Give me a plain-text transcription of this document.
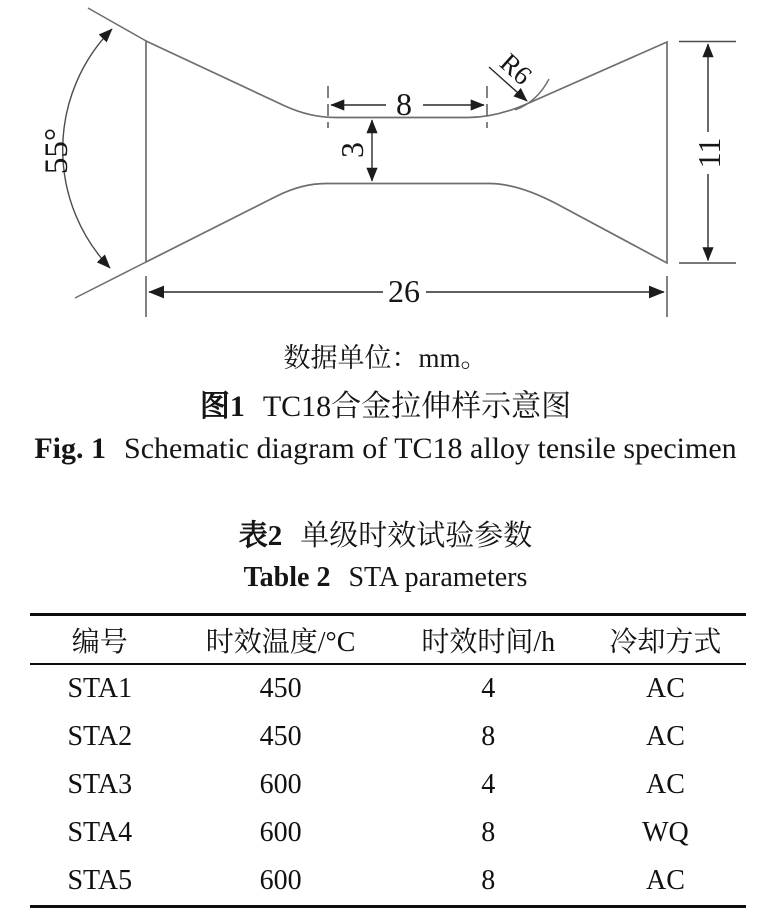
55°
8
3
R6
11
26
数据单位：mm。
图1 TC18合金拉伸样示意图
Fig. 1 Schematic diagram of TC18 alloy tensile specimen
表2 单级时效试验参数
Table 2 STA parameters
编号	时效温度/°C	时效时间/h	冷却方式
STA1	450	4	AC
STA2	450	8	AC
STA3	600	4	AC
STA4	600	8	WQ
STA5	600	8	AC
